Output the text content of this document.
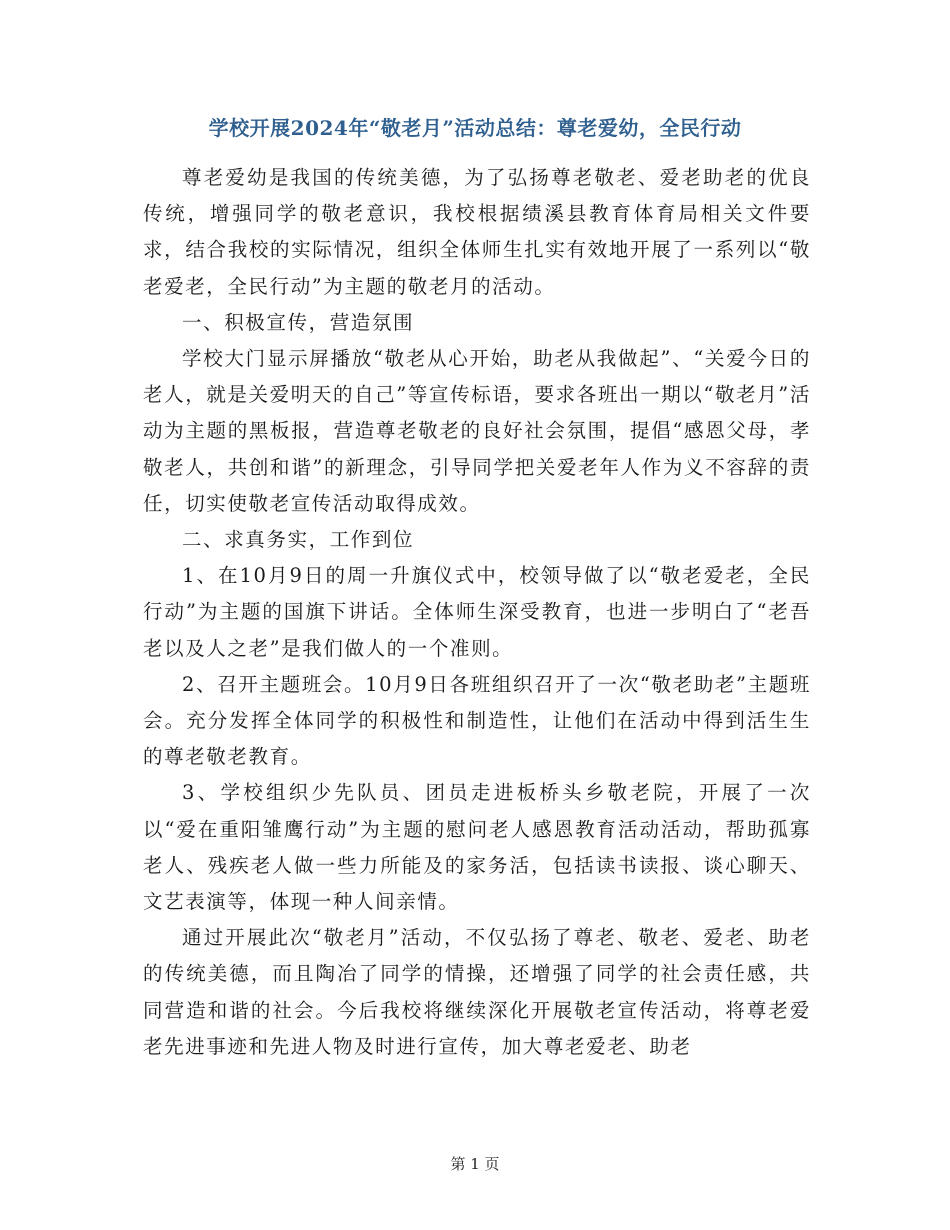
学校开展2024年“敬老月”活动总结：尊老爱幼，全民行动

尊老爱幼是我国的传统美德，为了弘扬尊老敬老、爱老助老的优良传统，增强同学的敬老意识，我校根据绩溪县教育体育局相关文件要求，结合我校的实际情况，组织全体师生扎实有效地开展了一系列以“敬老爱老，全民行动”为主题的敬老月的活动。

一、积极宣传，营造氛围

学校大门显示屏播放“敬老从心开始，助老从我做起”、“关爱今日的老人，就是关爱明天的自己”等宣传标语，要求各班出一期以“敬老月”活动为主题的黑板报，营造尊老敬老的良好社会氛围，提倡“感恩父母，孝敬老人，共创和谐”的新理念，引导同学把关爱老年人作为义不容辞的责任，切实使敬老宣传活动取得成效。

二、求真务实，工作到位

1、在10月9日的周一升旗仪式中，校领导做了以“敬老爱老，全民行动”为主题的国旗下讲话。全体师生深受教育，也进一步明白了“老吾老以及人之老”是我们做人的一个准则。

2、召开主题班会。10月9日各班组织召开了一次“敬老助老”主题班会。充分发挥全体同学的积极性和制造性，让他们在活动中得到活生生的尊老敬老教育。

3、学校组织少先队员、团员走进板桥头乡敬老院，开展了一次以“爱在重阳雏鹰行动”为主题的慰问老人感恩教育活动活动，帮助孤寡老人、残疾老人做一些力所能及的家务活，包括读书读报、谈心聊天、文艺表演等，体现一种人间亲情。

通过开展此次“敬老月”活动，不仅弘扬了尊老、敬老、爱老、助老的传统美德，而且陶冶了同学的情操，还增强了同学的社会责任感，共同营造和谐的社会。今后我校将继续深化开展敬老宣传活动，将尊老爱老先进事迹和先进人物及时进行宣传，加大尊老爱老、助老

第 1 页
